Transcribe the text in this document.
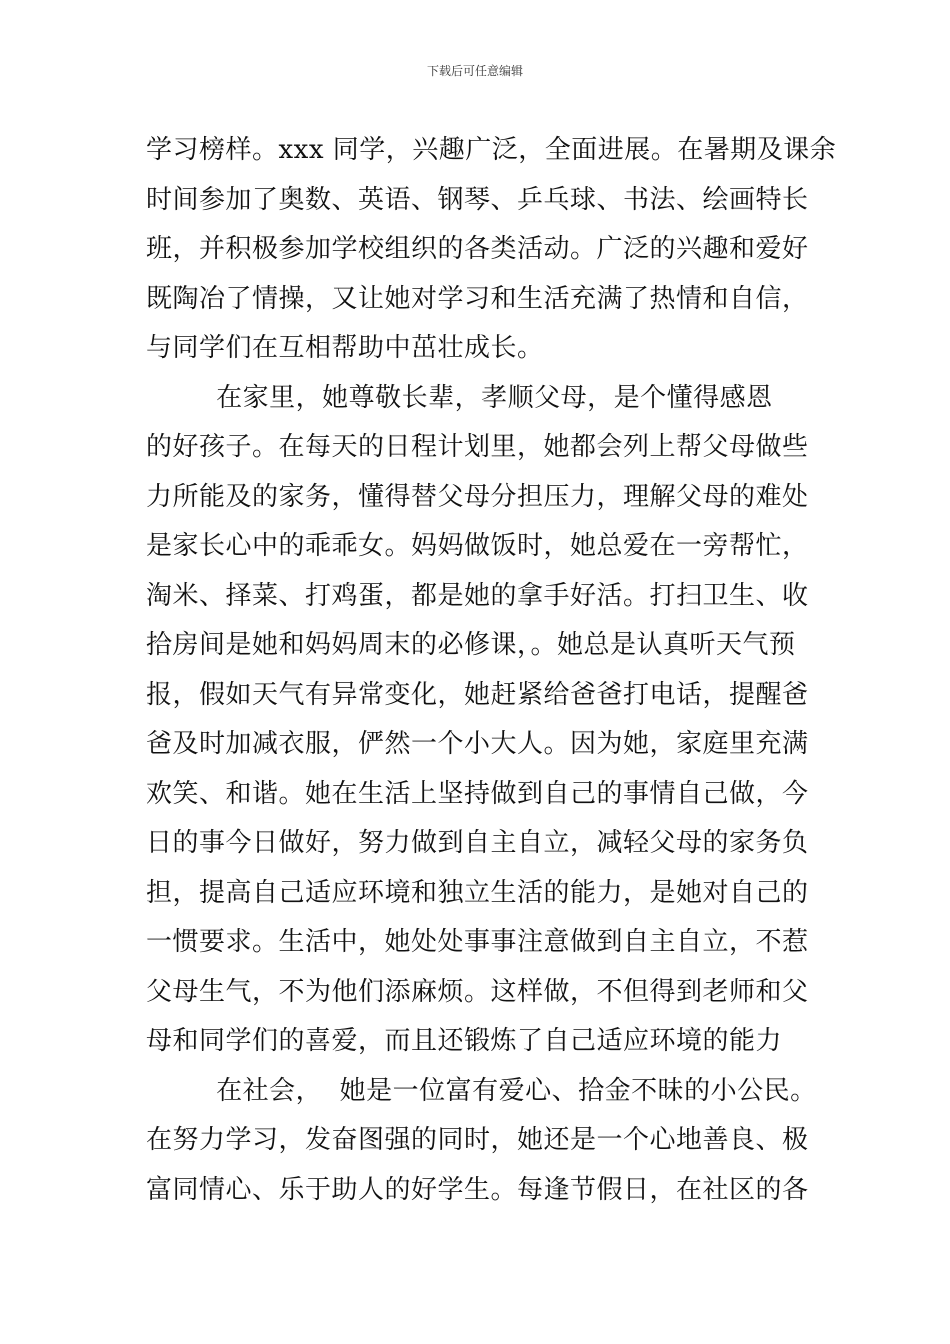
下载后可任意编辑
学习榜样。xxx 同学，兴趣广泛，全面进展。在暑期及课余
时间参加了奥数、英语、钢琴、乒乓球、书法、绘画特长
班，并积极参加学校组织的各类活动。广泛的兴趣和爱好
既陶冶了情操，又让她对学习和生活充满了热情和自信，
与同学们在互相帮助中茁壮成长。
在家里，她尊敬长辈，孝顺父母，是个懂得感恩
的好孩子。在每天的日程计划里，她都会列上帮父母做些
力所能及的家务，懂得替父母分担压力，理解父母的难处
是家长心中的乖乖女。妈妈做饭时，她总爱在一旁帮忙，
淘米、择菜、打鸡蛋，都是她的拿手好活。打扫卫生、收
拾房间是她和妈妈周末的必修课，。她总是认真听天气预
报，假如天气有异常变化，她赶紧给爸爸打电话，提醒爸
爸及时加减衣服，俨然一个小大人。因为她，家庭里充满
欢笑、和谐。她在生活上坚持做到自己的事情自己做，今
日的事今日做好，努力做到自主自立，减轻父母的家务负
担，提高自己适应环境和独立生活的能力，是她对自己的
一惯要求。生活中，她处处事事注意做到自主自立，不惹
父母生气，不为他们添麻烦。这样做，不但得到老师和父
母和同学们的喜爱，而且还锻炼了自己适应环境的能力
在社会，  她是一位富有爱心、拾金不昧的小公民。
在努力学习，发奋图强的同时，她还是一个心地善良、极
富同情心、乐于助人的好学生。每逢节假日，在社区的各
